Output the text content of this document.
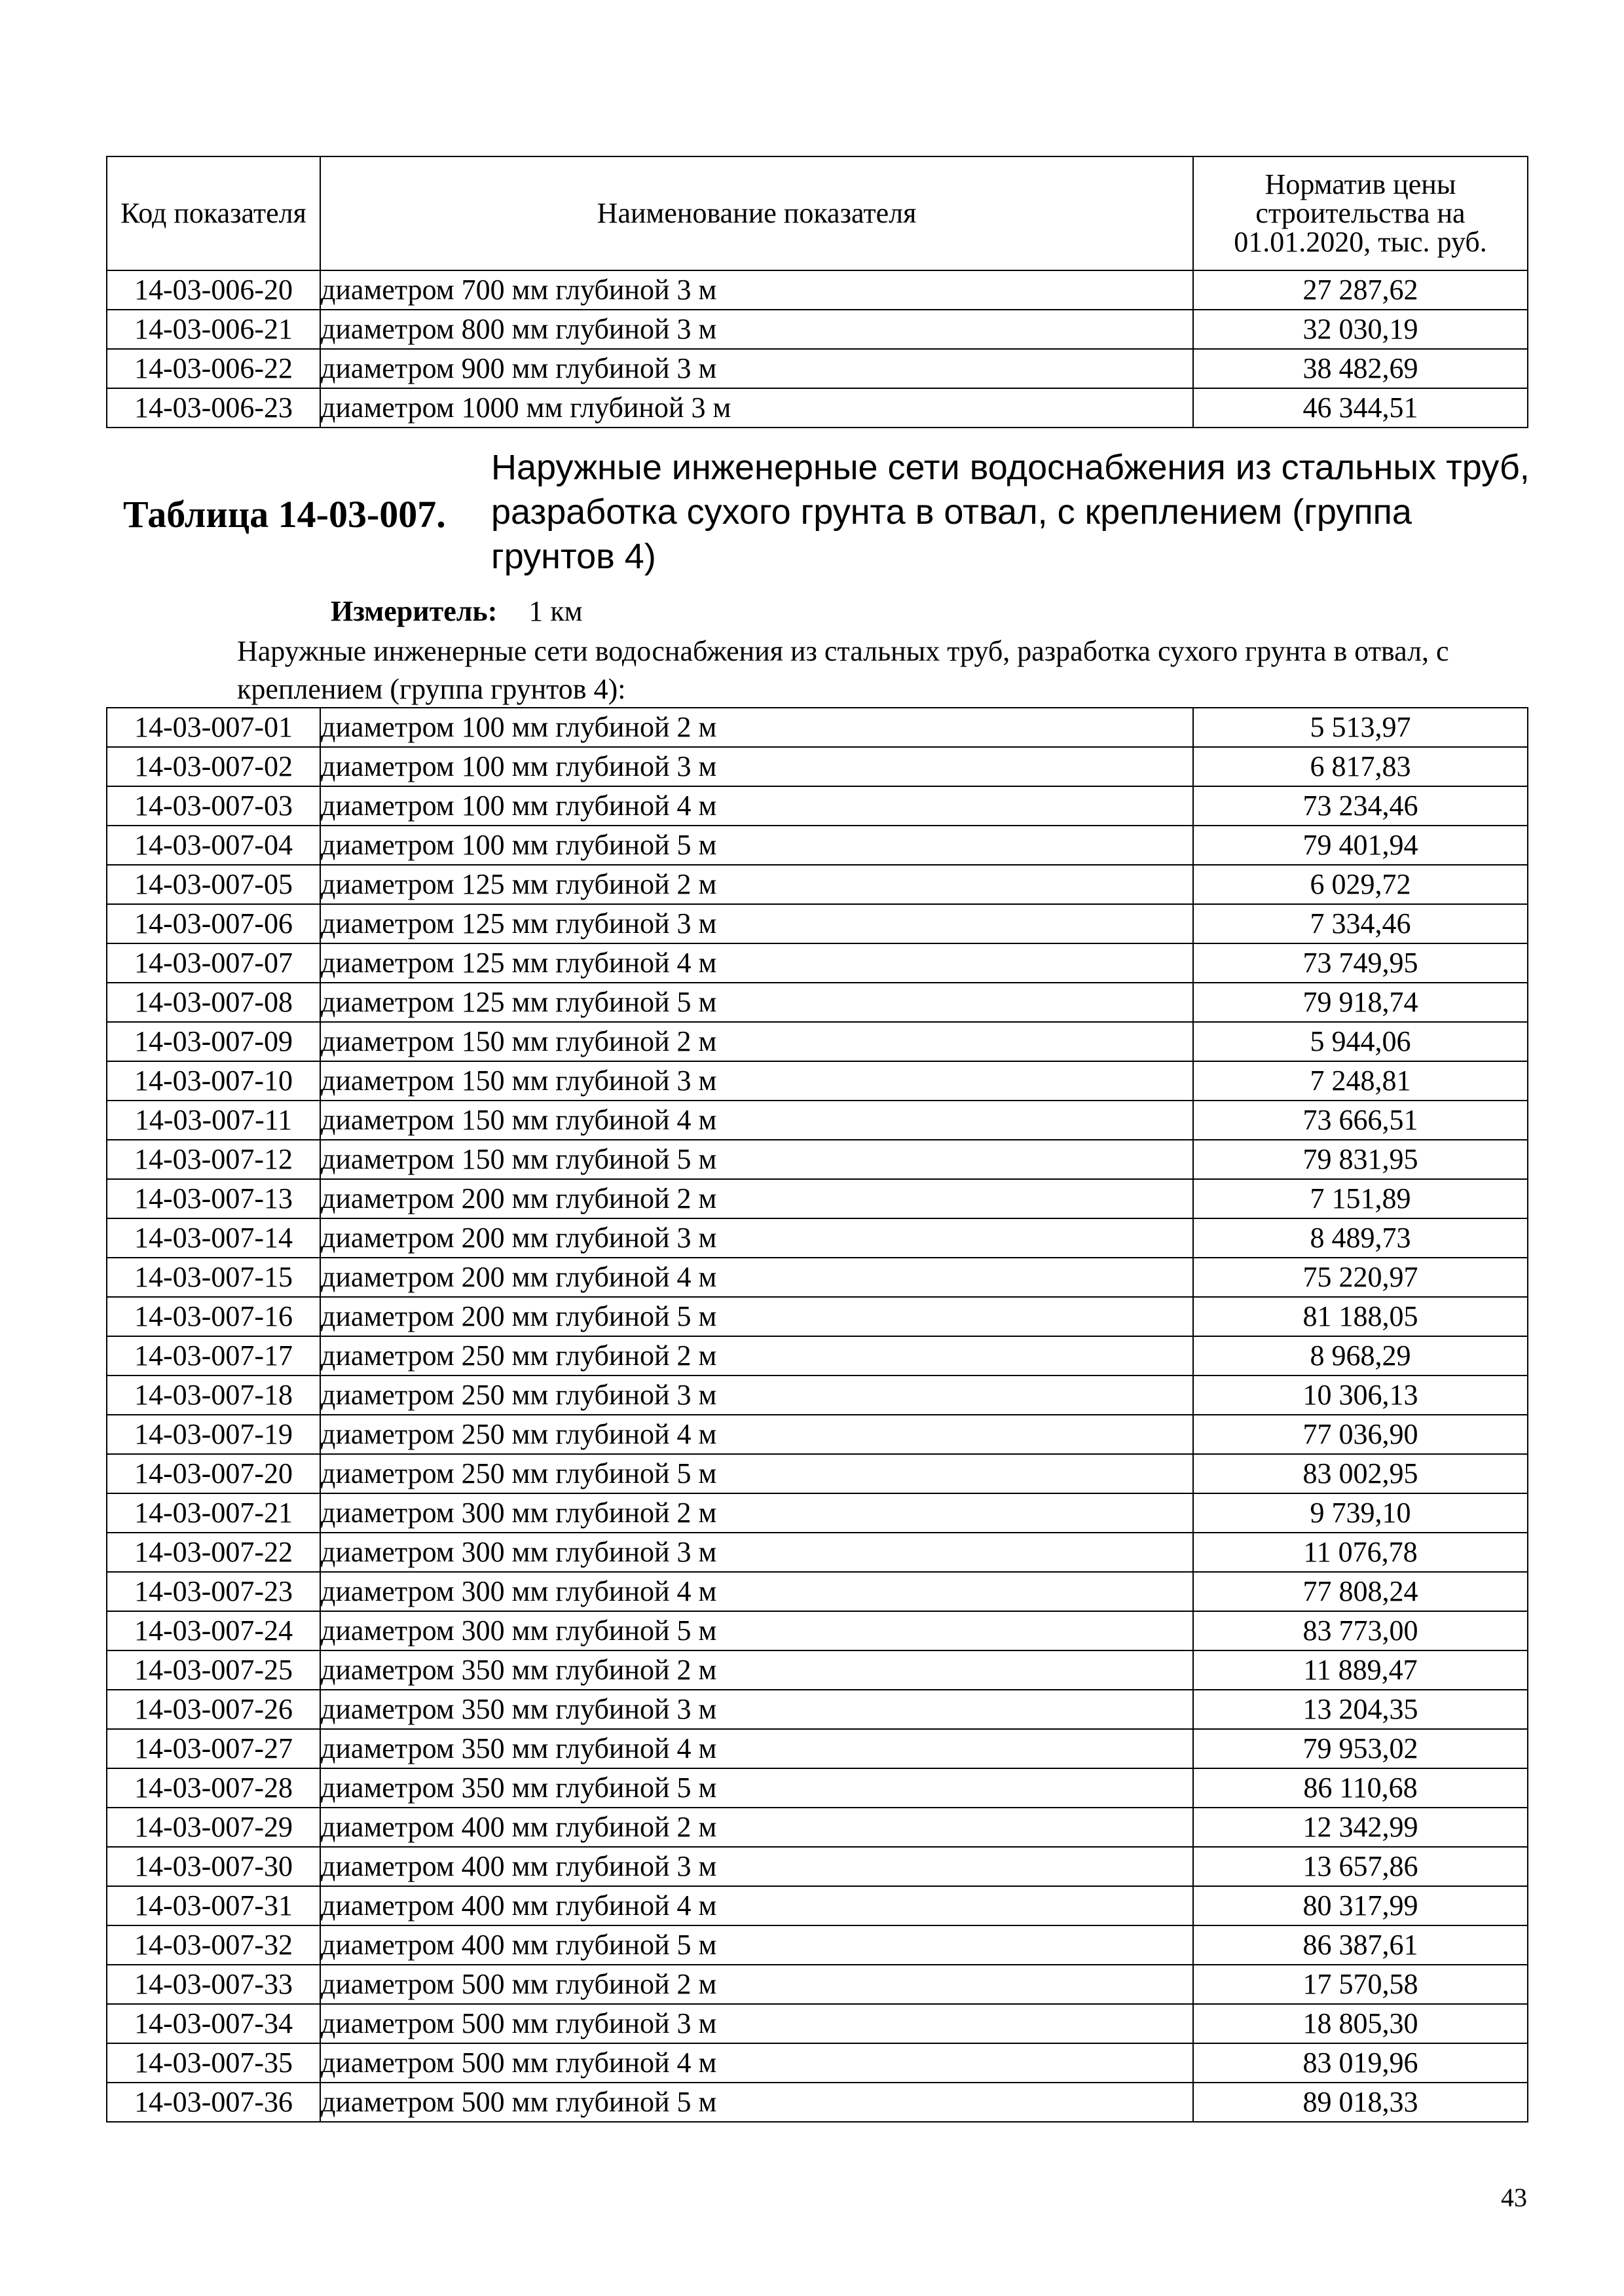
Код показателя	Наименование показателя	Норматив цены строительства на 01.01.2020, тыс. руб.
14-03-006-20	диаметром 700 мм глубиной 3 м	27 287,62
14-03-006-21	диаметром 800 мм глубиной 3 м	32 030,19
14-03-006-22	диаметром 900 мм глубиной 3 м	38 482,69
14-03-006-23	диаметром 1000 мм глубиной 3 м	46 344,51
Таблица 14-03-007.
Наружные инженерные сети водоснабжения из стальных труб, разработка сухого грунта в отвал, с креплением (группа грунтов 4)
Измеритель: 1 км
Наружные инженерные сети водоснабжения из стальных труб, разработка сухого грунта в отвал, с креплением (группа грунтов 4):
14-03-007-01	диаметром 100 мм глубиной 2 м	5 513,97
14-03-007-02	диаметром 100 мм глубиной 3 м	6 817,83
14-03-007-03	диаметром 100 мм глубиной 4 м	73 234,46
14-03-007-04	диаметром 100 мм глубиной 5 м	79 401,94
14-03-007-05	диаметром 125 мм глубиной 2 м	6 029,72
14-03-007-06	диаметром 125 мм глубиной 3 м	7 334,46
14-03-007-07	диаметром 125 мм глубиной 4 м	73 749,95
14-03-007-08	диаметром 125 мм глубиной 5 м	79 918,74
14-03-007-09	диаметром 150 мм глубиной 2 м	5 944,06
14-03-007-10	диаметром 150 мм глубиной 3 м	7 248,81
14-03-007-11	диаметром 150 мм глубиной 4 м	73 666,51
14-03-007-12	диаметром 150 мм глубиной 5 м	79 831,95
14-03-007-13	диаметром 200 мм глубиной 2 м	7 151,89
14-03-007-14	диаметром 200 мм глубиной 3 м	8 489,73
14-03-007-15	диаметром 200 мм глубиной 4 м	75 220,97
14-03-007-16	диаметром 200 мм глубиной 5 м	81 188,05
14-03-007-17	диаметром 250 мм глубиной 2 м	8 968,29
14-03-007-18	диаметром 250 мм глубиной 3 м	10 306,13
14-03-007-19	диаметром 250 мм глубиной 4 м	77 036,90
14-03-007-20	диаметром 250 мм глубиной 5 м	83 002,95
14-03-007-21	диаметром 300 мм глубиной 2 м	9 739,10
14-03-007-22	диаметром 300 мм глубиной 3 м	11 076,78
14-03-007-23	диаметром 300 мм глубиной 4 м	77 808,24
14-03-007-24	диаметром 300 мм глубиной 5 м	83 773,00
14-03-007-25	диаметром 350 мм глубиной 2 м	11 889,47
14-03-007-26	диаметром 350 мм глубиной 3 м	13 204,35
14-03-007-27	диаметром 350 мм глубиной 4 м	79 953,02
14-03-007-28	диаметром 350 мм глубиной 5 м	86 110,68
14-03-007-29	диаметром 400 мм глубиной 2 м	12 342,99
14-03-007-30	диаметром 400 мм глубиной 3 м	13 657,86
14-03-007-31	диаметром 400 мм глубиной 4 м	80 317,99
14-03-007-32	диаметром 400 мм глубиной 5 м	86 387,61
14-03-007-33	диаметром 500 мм глубиной 2 м	17 570,58
14-03-007-34	диаметром 500 мм глубиной 3 м	18 805,30
14-03-007-35	диаметром 500 мм глубиной 4 м	83 019,96
14-03-007-36	диаметром 500 мм глубиной 5 м	89 018,33
43
